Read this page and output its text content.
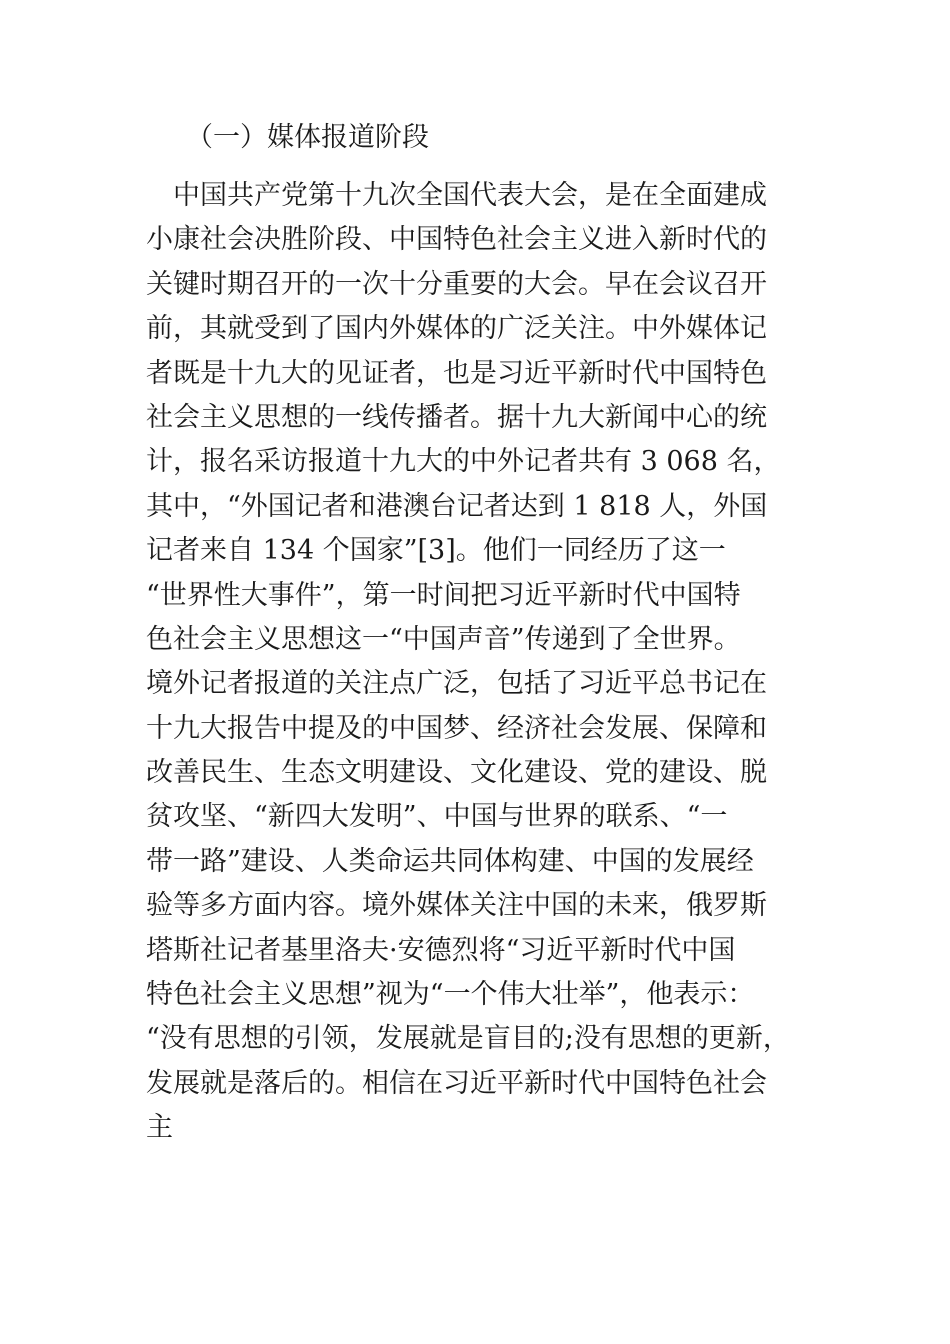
（一）媒体报道阶段
　中国共产党第十九次全国代表大会，是在全面建成
小康社会决胜阶段、中国特色社会主义进入新时代的
关键时期召开的一次十分重要的大会。早在会议召开
前，其就受到了国内外媒体的广泛关注。中外媒体记
者既是十九大的见证者，也是习近平新时代中国特色
社会主义思想的一线传播者。据十九大新闻中心的统
计，报名采访报道十九大的中外记者共有 3 068 名，
其中，“外国记者和港澳台记者达到 1 818 人，外国
记者来自 134 个国家”[3]。他们一同经历了这一
“世界性大事件”，第一时间把习近平新时代中国特
色社会主义思想这一“中国声音”传递到了全世界。
境外记者报道的关注点广泛，包括了习近平总书记在
十九大报告中提及的中国梦、经济社会发展、保障和
改善民生、生态文明建设、文化建设、党的建设、脱
贫攻坚、“新四大发明”、中国与世界的联系、“一
带一路”建设、人类命运共同体构建、中国的发展经
验等多方面内容。境外媒体关注中国的未来，俄罗斯
塔斯社记者基里洛夫·安德烈将“习近平新时代中国
特色社会主义思想”视为“一个伟大壮举”，他表示：
“没有思想的引领，发展就是盲目的;没有思想的更新，
发展就是落后的。相信在习近平新时代中国特色社会
主
